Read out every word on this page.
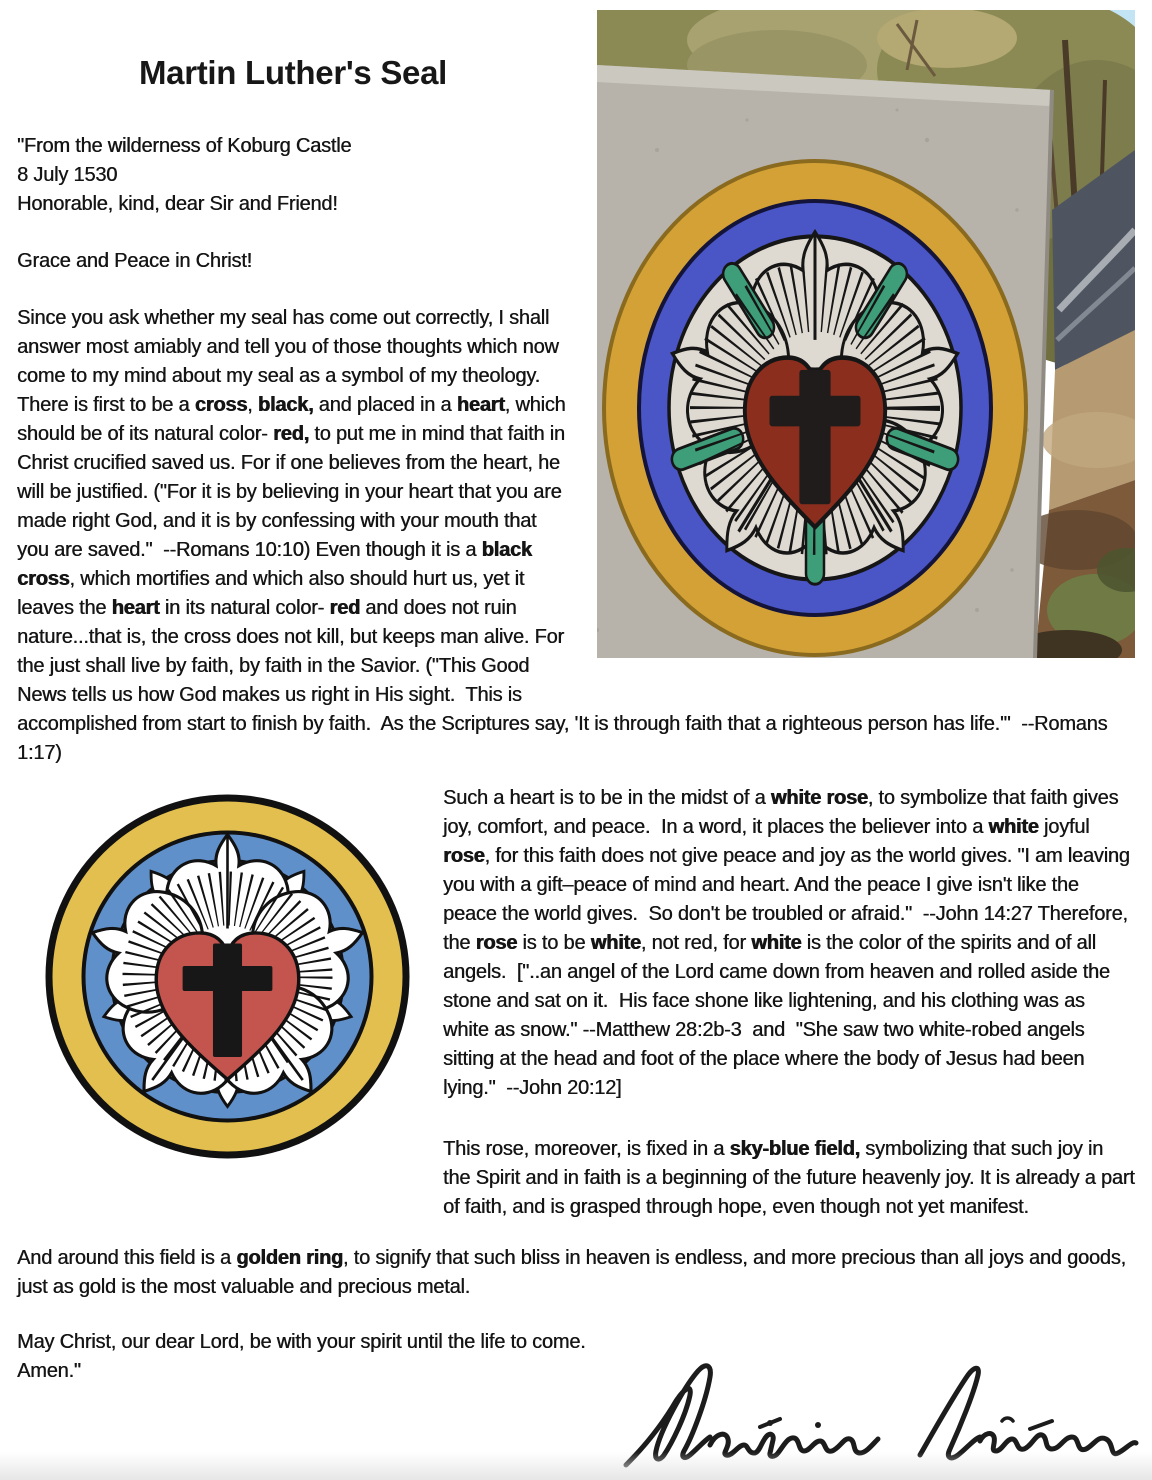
Martin Luther's Seal
"From the wilderness of Koburg Castle
8 July 1530
Honorable, kind, dear Sir and Friend!
Grace and Peace in Christ!
Since you ask whether my seal has come out correctly, I shall answer most amiably and tell you of those thoughts which now come to my mind about my seal as a symbol of my theology.  There is first to be a cross, black, and placed in a heart, which should be of its natural color- red, to put me in mind that faith in Christ crucified saved us. For if one believes from the heart, he will be justified. ("For it is by believing in your heart that you are made right God, and it is by confessing with your mouth that you are saved."  --Romans 10:10) Even though it is a black cross, which mortifies and which also should hurt us, yet it leaves the heart in its natural color- red and does not ruin nature...that is, the cross does not kill, but keeps man alive. For the just shall live by faith, by faith in the Savior. ("This Good News tells us how God makes us right in His sight.  This is accomplished from start to finish by faith.  As the Scriptures say, 'It is through faith that a righteous person has life.'"  --Romans 1:17)
Such a heart is to be in the midst of a white rose, to symbolize that faith gives joy, comfort, and peace.  In a word, it places the believer into a white joyful rose, for this faith does not give peace and joy as the world gives. "I am leaving you with a gift–peace of mind and heart. And the peace I give isn't like the peace the world gives.  So don't be troubled or afraid."  --John 14:27 Therefore, the rose is to be white, not red, for white is the color of the spirits and of all angels.  ["..an angel of the Lord came down from heaven and rolled aside the stone and sat on it.  His face shone like lightening, and his clothing was as white as snow." --Matthew 28:2b-3  and  "She saw two white-robed angels sitting at the head and foot of the place where the body of Jesus had been lying."  --John 20:12]
This rose, moreover, is fixed in a sky-blue field, symbolizing that such joy in the Spirit and in faith is a beginning of the future heavenly joy. It is already a part of faith, and is grasped through hope, even though not yet manifest.
And around this field is a golden ring, to signify that such bliss in heaven is endless, and more precious than all joys and goods, just as gold is the most valuable and precious metal.
May Christ, our dear Lord, be with your spirit until the life to come.  Amen."
